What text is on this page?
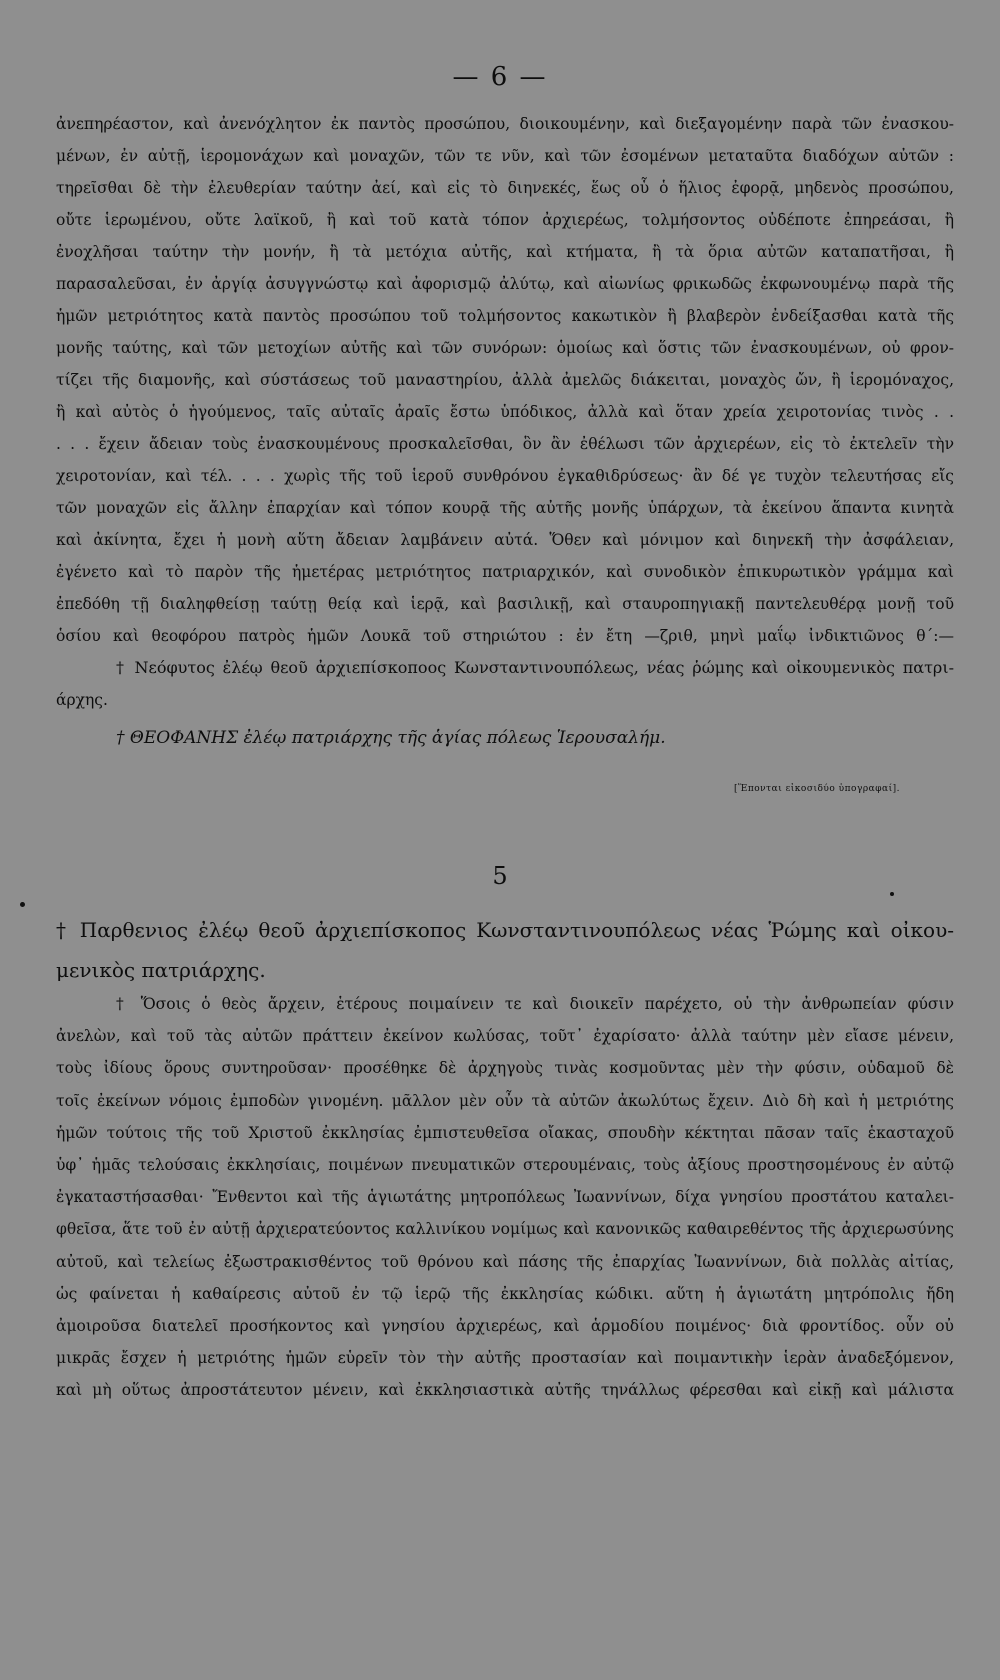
— 6 —
ἀνεπηρέαστον, καὶ ἀνενόχλητον ἐκ παντὸς προσώπου, διοικουμένην, καὶ διεξαγομένην παρὰ τῶν ἐνασκου-
μένων, ἐν αὐτῇ, ἱερομονάχων καὶ μοναχῶν, τῶν τε νῦν, καὶ τῶν ἐσομένων μεταταῦτα διαδόχων αὐτῶν :
τηρεῖσθαι δὲ τὴν ἐλευθερίαν ταύτην ἀεί, καὶ εἰς τὸ διηνεκές, ἕως οὗ ὁ ἥλιος ἐφορᾷ, μηδενὸς προσώπου,
οὔτε ἱερωμένου, οὔτε λαϊκοῦ, ἢ καὶ τοῦ κατὰ τόπον ἀρχιερέως, τολμήσοντος οὐδέποτε ἐπηρεάσαι, ἢ
ἐνοχλῆσαι ταύτην τὴν μονήν, ἢ τὰ μετόχια αὐτῆς, καὶ κτήματα, ἢ τὰ ὅρια αὐτῶν καταπατῆσαι, ἢ
παρασαλεῦσαι, ἐν ἀργίᾳ ἀσυγγνώστῳ καὶ ἀφορισμῷ ἀλύτῳ, καὶ αἰωνίως φρικωδῶς ἐκφωνουμένῳ παρὰ τῆς
ἡμῶν μετριότητος κατὰ παντὸς προσώπου τοῦ τολμήσοντος κακωτικὸν ἢ βλαβερὸν ἐνδείξασθαι κατὰ τῆς
μονῆς ταύτης, καὶ τῶν μετοχίων αὐτῆς καὶ τῶν συνόρων: ὁμοίως καὶ ὅστις τῶν ἐνασκουμένων, οὐ φρον-
τίζει τῆς διαμονῆς, καὶ σύστάσεως τοῦ μαναστηρίου, ἀλλὰ ἀμελῶς διάκειται, μοναχὸς ὤν, ἢ ἱερομόναχος,
ἢ καὶ αὐτὸς ὁ ἡγούμενος, ταῖς αὐταῖς ἀραῖς ἔστω ὑπόδικος, ἀλλὰ καὶ ὅταν χρεία χειροτονίας τινὸς . .
. . . ἔχειν ἄδειαν τοὺς ἐνασκουμένους προσκαλεῖσθαι, ὃν ἂν ἐθέλωσι τῶν ἀρχιερέων, εἰς τὸ ἐκτελεῖν τὴν
χειροτονίαν, καὶ τέλ. . . . χωρὶς τῆς τοῦ ἱεροῦ συνθρόνου ἐγκαθιδρύσεως· ἂν δέ γε τυχὸν τελευτήσας εἴς
τῶν μοναχῶν εἰς ἄλλην ἐπαρχίαν καὶ τόπον κουρᾷ τῆς αὐτῆς μονῆς ὑπάρχων, τὰ ἐκείνου ἅπαντα κινητὰ
καὶ ἀκίνητα, ἔχει ἡ μονὴ αὕτη ἄδειαν λαμβάνειν αὐτά. Ὅθεν καὶ μόνιμον καὶ διηνεκῆ τὴν ἀσφάλειαν,
ἐγένετο καὶ τὸ παρὸν τῆς ἡμετέρας μετριότητος πατριαρχικόν, καὶ συνοδικὸν ἐπικυρωτικὸν γράμμα καὶ
ἐπεδόθη τῇ διαληφθείσῃ ταύτῃ θείᾳ καὶ ἱερᾷ, καὶ βασιλικῇ, καὶ σταυροπηγιακῇ παντελευθέρᾳ μονῇ τοῦ
ὁσίου καὶ θεοφόρου πατρὸς ἡμῶν Λουκᾶ τοῦ στηριώτου : ἐν ἔτη —ζριθ, μηνὶ μαΐῳ ἰνδικτιῶνος θ΄:—
† Νεόφυτος ἐλέῳ θεοῦ ἀρχιεπίσκοποος Κωνσταντινουπόλεως, νέας ῥώμης καὶ οἰκουμενικὸς πατρι-
άρχης.
† ΘΕΟΦΑΝΗΣ ἐλέῳ πατριάρχης τῆς ἁγίας πόλεως Ἱερουσαλήμ.
[Ἕπονται εἰκοσιδύο ὑπογραφαί].
5
† Παρθενιος ἐλέῳ θεοῦ ἀρχιεπίσκοπος Κωνσταντινουπόλεως νέας Ῥώμης καὶ οἰκου-
μενικὸς πατριάρχης.
† Ὅσοις ὁ θεὸς ἄρχειν, ἑτέρους ποιμαίνειν τε καὶ διοικεῖν παρέχετο, οὐ τὴν ἀνθρωπείαν φύσιν
ἀνελὼν, καὶ τοῦ τὰς αὐτῶν πράττειν ἐκείνον κωλύσας, τοῦτ᾽ ἐχαρίσατο· ἀλλὰ ταύτην μὲν εἴασε μένειν,
τοὺς ἰδίους ὅρους συντηροῦσαν· προσέθηκε δὲ ἀρχηγοὺς τινὰς κοσμοῦντας μὲν τὴν φύσιν, οὐδαμοῦ δὲ
τοῖς ἐκείνων νόμοις ἐμποδὼν γινομένη. μᾶλλον μὲν οὖν τὰ αὐτῶν ἀκωλύτως ἔχειν. Διὸ δὴ καὶ ἡ μετριότης
ἡμῶν τούτοις τῆς τοῦ Χριστοῦ ἐκκλησίας ἐμπιστευθεῖσα οἴακας, σπουδὴν κέκτηται πᾶσαν ταῖς ἑκασταχοῦ
ὑφ᾽ ἡμᾶς τελούσαις ἐκκλησίαις, ποιμένων πνευματικῶν στερουμέναις, τοὺς ἀξίους προστησομένους ἐν αὐτῷ
ἐγκαταστήσασθαι· Ἔνθεντοι καὶ τῆς ἁγιωτάτης μητροπόλεως Ἰωαννίνων, δίχα γνησίου προστάτου καταλει-
φθεῖσα, ἅτε τοῦ ἐν αὐτῇ ἀρχιερατεύοντος καλλινίκου νομίμως καὶ κανονικῶς καθαιρεθέντος τῆς ἀρχιερωσύνης
αὐτοῦ, καὶ τελείως ἐξωστρακισθέντος τοῦ θρόνου καὶ πάσης τῆς ἐπαρχίας Ἰωαννίνων, διὰ πολλὰς αἰτίας,
ὡς φαίνεται ἡ καθαίρεσις αὐτοῦ ἐν τῷ ἱερῷ τῆς ἐκκλησίας κώδικι. αὕτη ἡ ἁγιωτάτη μητρόπολις ἤδη
ἀμοιροῦσα διατελεῖ προσήκοντος καὶ γνησίου ἀρχιερέως, καὶ ἁρμοδίου ποιμένος· διὰ φροντίδος. οὖν οὐ
μικρᾶς ἔσχεν ἡ μετριότης ἡμῶν εὑρεῖν τὸν τὴν αὐτῆς προστασίαν καὶ ποιμαντικὴν ἱερὰν ἀναδεξόμενον,
καὶ μὴ οὕτως ἀπροστάτευτον μένειν, καὶ ἐκκλησιαστικὰ αὐτῆς τηνάλλως φέρεσθαι καὶ εἰκῇ καὶ μάλιστα
